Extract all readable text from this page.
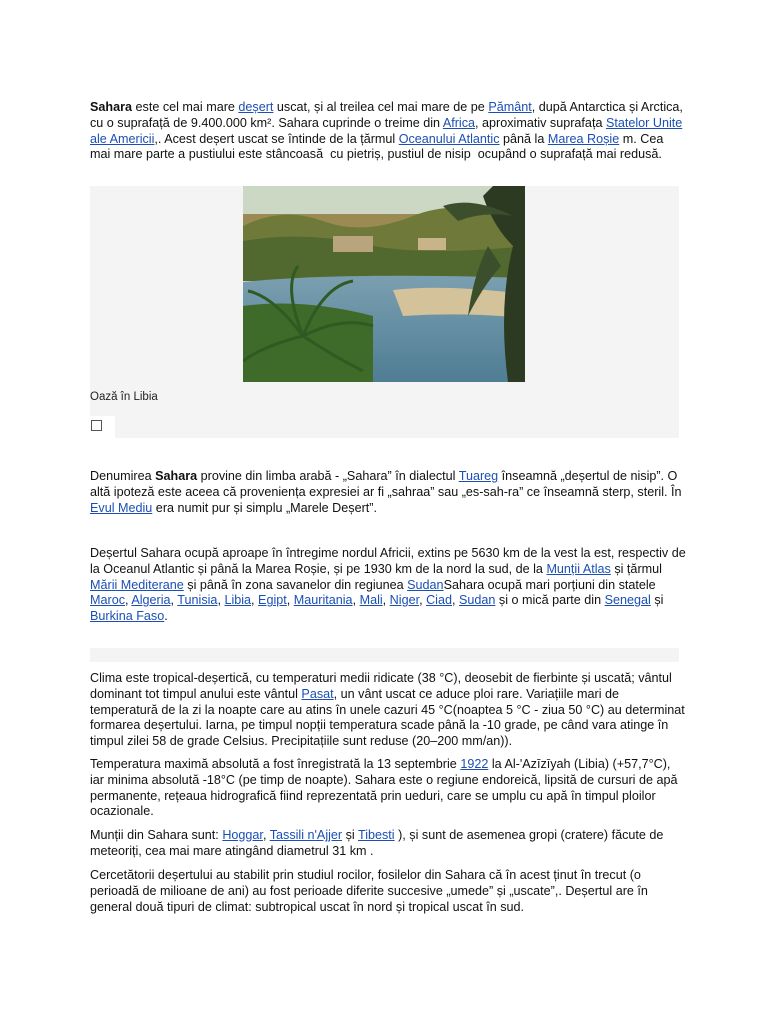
Sahara este cel mai mare deșert uscat, și al treilea cel mai mare de pe Pământ, după Antarctica și Arctica, cu o suprafață de 9.400.000 km². Sahara cuprinde o treime din Africa, aproximativ suprafața Statelor Unite ale Americii,. Acest deșert uscat se întinde de la țărmul Oceanului Atlantic până la Marea Roșie m. Cea mai mare parte a pustiului este stâncoasă  cu pietriș, pustiul de nisip  ocupând o suprafață mai redusă.
Oază în Libia
Denumirea Sahara provine din limba arabă - „Sahara” în dialectul Tuareg înseamnă „deșertul de nisip”. O altă ipoteză este aceea că proveniența expresiei ar fi „sahraa” sau „es-sah-ra” ce înseamnă sterp, steril. În Evul Mediu era numit pur și simplu „Marele Deșert”.
Deșertul Sahara ocupă aproape în întregime nordul Africii, extins pe 5630 km de la vest la est, respectiv de la Oceanul Atlantic și până la Marea Roșie, și pe 1930 km de la nord la sud, de la Munții Atlas și țărmul Mării Mediterane și până în zona savanelor din regiunea SudanSahara ocupă mari porțiuni din statele Maroc, Algeria, Tunisia, Libia, Egipt, Mauritania, Mali, Niger, Ciad, Sudan și o mică parte din Senegal și Burkina Faso.
Clima este tropical-deșertică, cu temperaturi medii ridicate (38 °C), deosebit de fierbinte și uscată; vântul dominant tot timpul anului este vântul Pasat, un vânt uscat ce aduce ploi rare. Variațiile mari de temperatură de la zi la noapte care au atins în unele cazuri 45 °C(noaptea 5 °C - ziua 50 °C) au determinat formarea deșertului. Iarna, pe timpul nopții temperatura scade până la -10 grade, pe când vara atinge în timpul zilei 58 de grade Celsius. Precipitațiile sunt reduse (20–200 mm/an)).
Temperatura maximă absolută a fost înregistrată la 13 septembrie 1922 la Al-'Azīzīyah (Libia) (+57,7°C), iar minima absolută -18°C (pe timp de noapte). Sahara este o regiune endoreică, lipsită de cursuri de apă permanente, rețeaua hidrografică fiind reprezentată prin ueduri, care se umplu cu apă în timpul ploilor ocazionale.
Munții din Sahara sunt: Hoggar, Tassili n'Ajjer și Tibesti ), și sunt de asemenea gropi (cratere) făcute de meteoriți, cea mai mare atingând diametrul 31 km .
Cercetătorii deșertului au stabilit prin studiul rocilor, fosilelor din Sahara că în acest ținut în trecut (o perioadă de milioane de ani) au fost perioade diferite succesive „umede” și „uscate”,. Deșertul are în general două tipuri de climat: subtropical uscat în nord și tropical uscat în sud.
